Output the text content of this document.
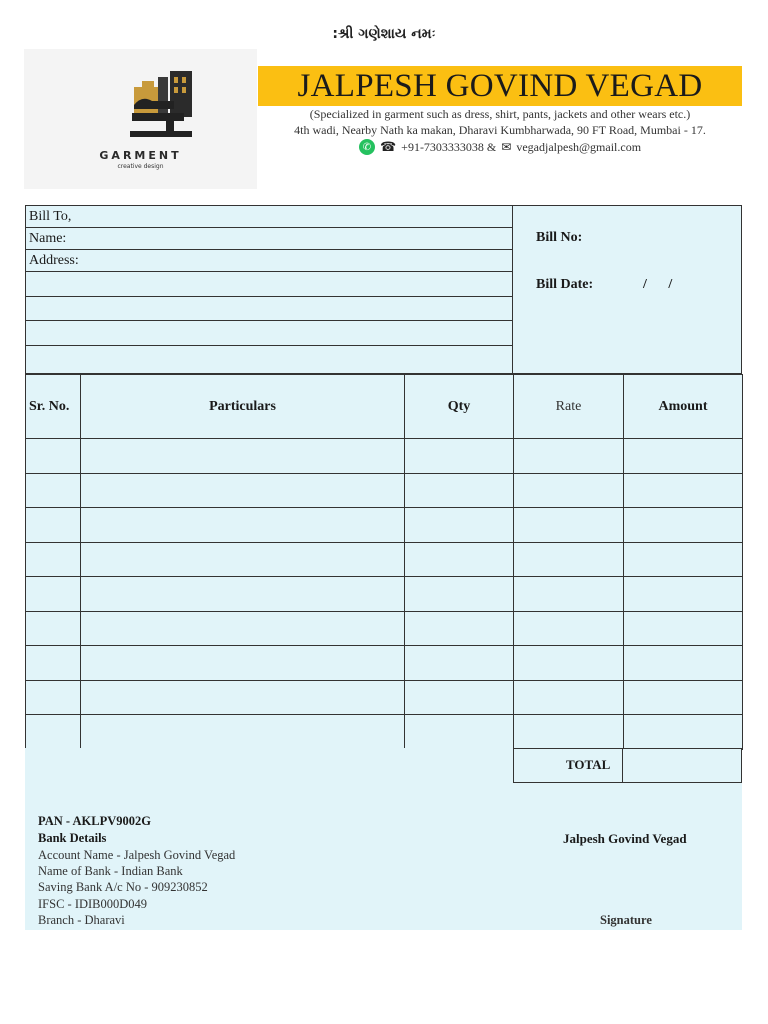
:શ્રી ગણેશાય નમઃ
GARMENT
creative design
JALPESH GOVIND VEGAD
(Specialized in garment such as dress, shirt, pants, jackets and other wears etc.)
4th wadi, Nearby Nath ka makan, Dharavi Kumbharwada, 90 FT Road, Mumbai - 17.
✆ ☎ +91-7303333038 & ✉ vegadjalpesh@gmail.com
Bill To,
Name:
Address:
Bill No:
Bill Date:	/ /
Sr. No.	Particulars	Qty	Rate	Amount

TOTAL
PAN - AKLPV9002G
Bank Details
Account Name - Jalpesh Govind Vegad
Name of Bank - Indian Bank
Saving Bank A/c No - 909230852
IFSC - IDIB000D049
Branch - Dharavi
Jalpesh Govind Vegad
Signature
